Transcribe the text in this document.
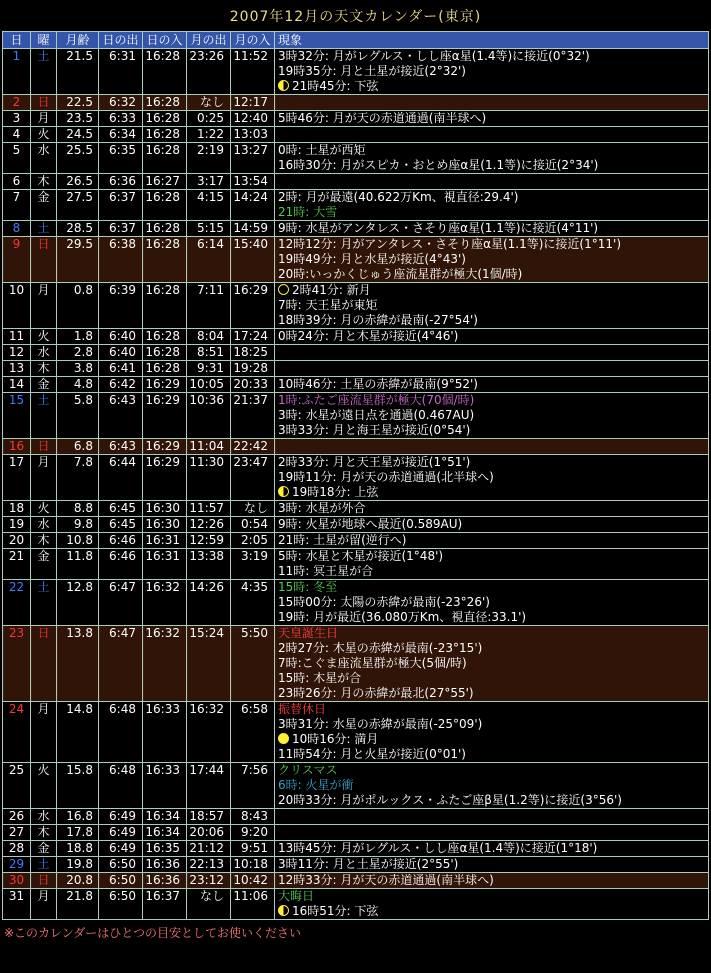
2007年12月の天文カレンダー(東京)
日	曜	月齢	日の出	日の入	月の出	月の入	現象
1	土	21.5	6:31	16:28	23:26	11:52	3時32分: 月がレグルス・しし座α星(1.4等)に接近(0°32')
19時35分: 月と土星が接近(2°32')
21時45分: 下弦

2	日	22.5	6:32	16:28	なし	12:17	
3	月	23.5	6:33	16:28	0:25	12:40	5時46分: 月が天の赤道通過(南半球へ)

4	火	24.5	6:34	16:28	1:22	13:03	
5	水	25.5	6:35	16:28	2:19	13:27	0時: 土星が西矩
16時30分: 月がスピカ・おとめ座α星(1.1等)に接近(2°34')

6	木	26.5	6:36	16:27	3:17	13:54	
7	金	27.5	6:37	16:28	4:15	14:24	2時: 月が最遠(40.622万Km、視直径:29.4')
21時: 大雪

8	土	28.5	6:37	16:28	5:15	14:59	9時: 水星がアンタレス・さそり座α星(1.1等)に接近(4°11')

9	日	29.5	6:38	16:28	6:14	15:40	12時12分: 月がアンタレス・さそり座α星(1.1等)に接近(1°11')
19時49分: 月と水星が接近(4°43')
20時:いっかくじゅう座流星群が極大(1個/時)

10	月	0.8	6:39	16:28	7:11	16:29	2時41分: 新月
7時: 天王星が東矩
18時39分: 月の赤緯が最南(-27°54')

11	火	1.8	6:40	16:28	8:04	17:24	0時24分: 月と木星が接近(4°46')

12	水	2.8	6:40	16:28	8:51	18:25	
13	木	3.8	6:41	16:28	9:31	19:28	
14	金	4.8	6:42	16:29	10:05	20:33	10時46分: 土星の赤緯が最南(9°52')

15	土	5.8	6:43	16:29	10:36	21:37	1時:ふたご座流星群が極大(70個/時)
3時: 水星が遠日点を通過(0.467AU)
3時33分: 月と海王星が接近(0°54')

16	日	6.8	6:43	16:29	11:04	22:42	
17	月	7.8	6:44	16:29	11:30	23:47	2時33分: 月と天王星が接近(1°51')
19時11分: 月が天の赤道通過(北半球へ)
19時18分: 上弦

18	火	8.8	6:45	16:30	11:57	なし	3時: 水星が外合

19	水	9.8	6:45	16:30	12:26	0:54	9時: 火星が地球へ最近(0.589AU)

20	木	10.8	6:46	16:31	12:59	2:05	21時: 土星が留(逆行へ)

21	金	11.8	6:46	16:31	13:38	3:19	5時: 水星と木星が接近(1°48')
11時: 冥王星が合

22	土	12.8	6:47	16:32	14:26	4:35	15時: 冬至
15時00分: 太陽の赤緯が最南(-23°26')
19時: 月が最近(36.080万Km、視直径:33.1')

23	日	13.8	6:47	16:32	15:24	5:50	天皇誕生日
2時27分: 木星の赤緯が最南(-23°15')
7時:こぐま座流星群が極大(5個/時)
15時: 木星が合
23時26分: 月の赤緯が最北(27°55')

24	月	14.8	6:48	16:33	16:32	6:58	振替休日
3時31分: 水星の赤緯が最南(-25°09')
10時16分: 満月
11時54分: 月と火星が接近(0°01')

25	火	15.8	6:48	16:33	17:44	7:56	クリスマス
6時: 火星が衝
20時33分: 月がポルックス・ふたご座β星(1.2等)に接近(3°56')

26	水	16.8	6:49	16:34	18:57	8:43	
27	木	17.8	6:49	16:34	20:06	9:20	
28	金	18.8	6:49	16:35	21:12	9:51	13時45分: 月がレグルス・しし座α星(1.4等)に接近(1°18')

29	土	19.8	6:50	16:36	22:13	10:18	3時11分: 月と土星が接近(2°55')

30	日	20.8	6:50	16:36	23:12	10:42	12時33分: 月が天の赤道通過(南半球へ)

31	月	21.8	6:50	16:37	なし	11:06	大晦日
16時51分: 下弦
※このカレンダーはひとつの目安としてお使いください
